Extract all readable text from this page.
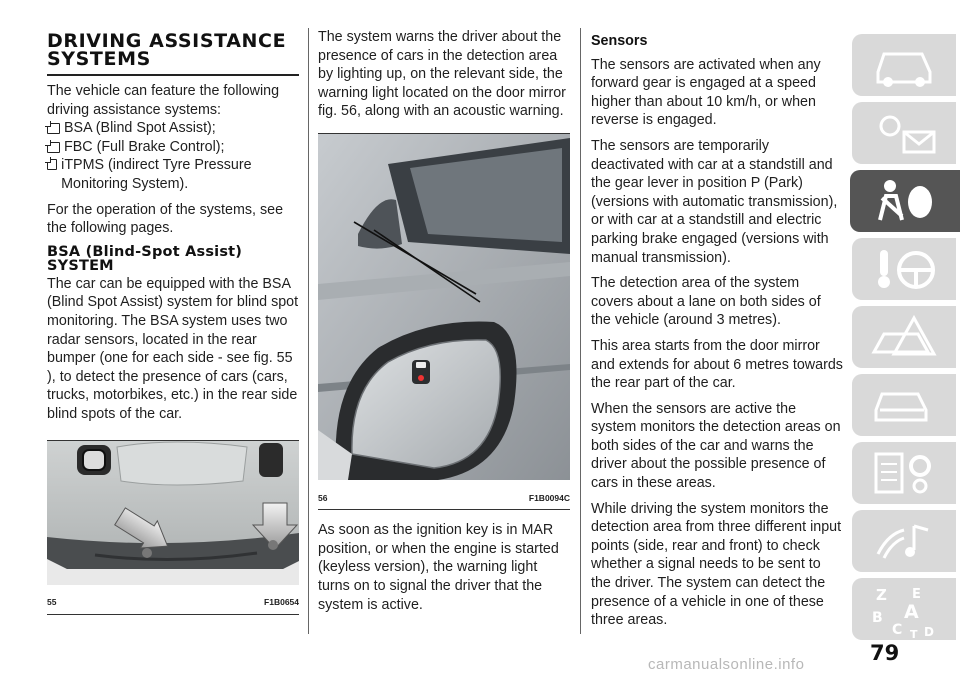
DRIVING ASSISTANCE SYSTEMS

The vehicle can feature the following driving assistance systems:

BSA (Blind Spot Assist);
FBC (Full Brake Control);
iTPMS (indirect Tyre Pressure Monitoring System).

For the operation of the systems, see the following pages.

BSA (Blind-Spot Assist) SYSTEM

The car can be equipped with the BSA (Blind Spot Assist) system for blind spot monitoring. The BSA system uses two radar sensors, located in the rear bumper (one for each side - see fig. 55 ), to detect the presence of cars (cars, trucks, motorbikes, etc.) in the rear side blind spots of the car.

55	F1B0654

The system warns the driver about the presence of cars in the detection area by lighting up, on the relevant side, the warning light located on the door mirror fig. 56, along with an acoustic warning.

56	F1B0094C

As soon as the ignition key is in MAR position, or when the engine is started (keyless version), the warning light turns on to signal the driver that the system is active.

Sensors

The sensors are activated when any forward gear is engaged at a speed higher than about 10 km/h, or when reverse is engaged.

The sensors are temporarily deactivated with car at a standstill and the gear lever in position P (Park) (versions with automatic transmission), or with car at a standstill and electric parking brake engaged (versions with manual transmission).

The detection area of the system covers about a lane on both sides of the vehicle (around 3 metres).

This area starts from the door mirror and extends for about 6 metres towards the rear part of the car.

When the sensors are active the system monitors the detection areas on both sides of the car and warns the driver about the possible presence of cars in these areas.

While driving the system monitors the detection area from three different input points (side, rear and front) to check whether a signal needs to be sent to the driver. The system can detect the presence of a vehicle in one of these three areas.

Z E
A
B
C D
T
79
carmanualsonline.info
